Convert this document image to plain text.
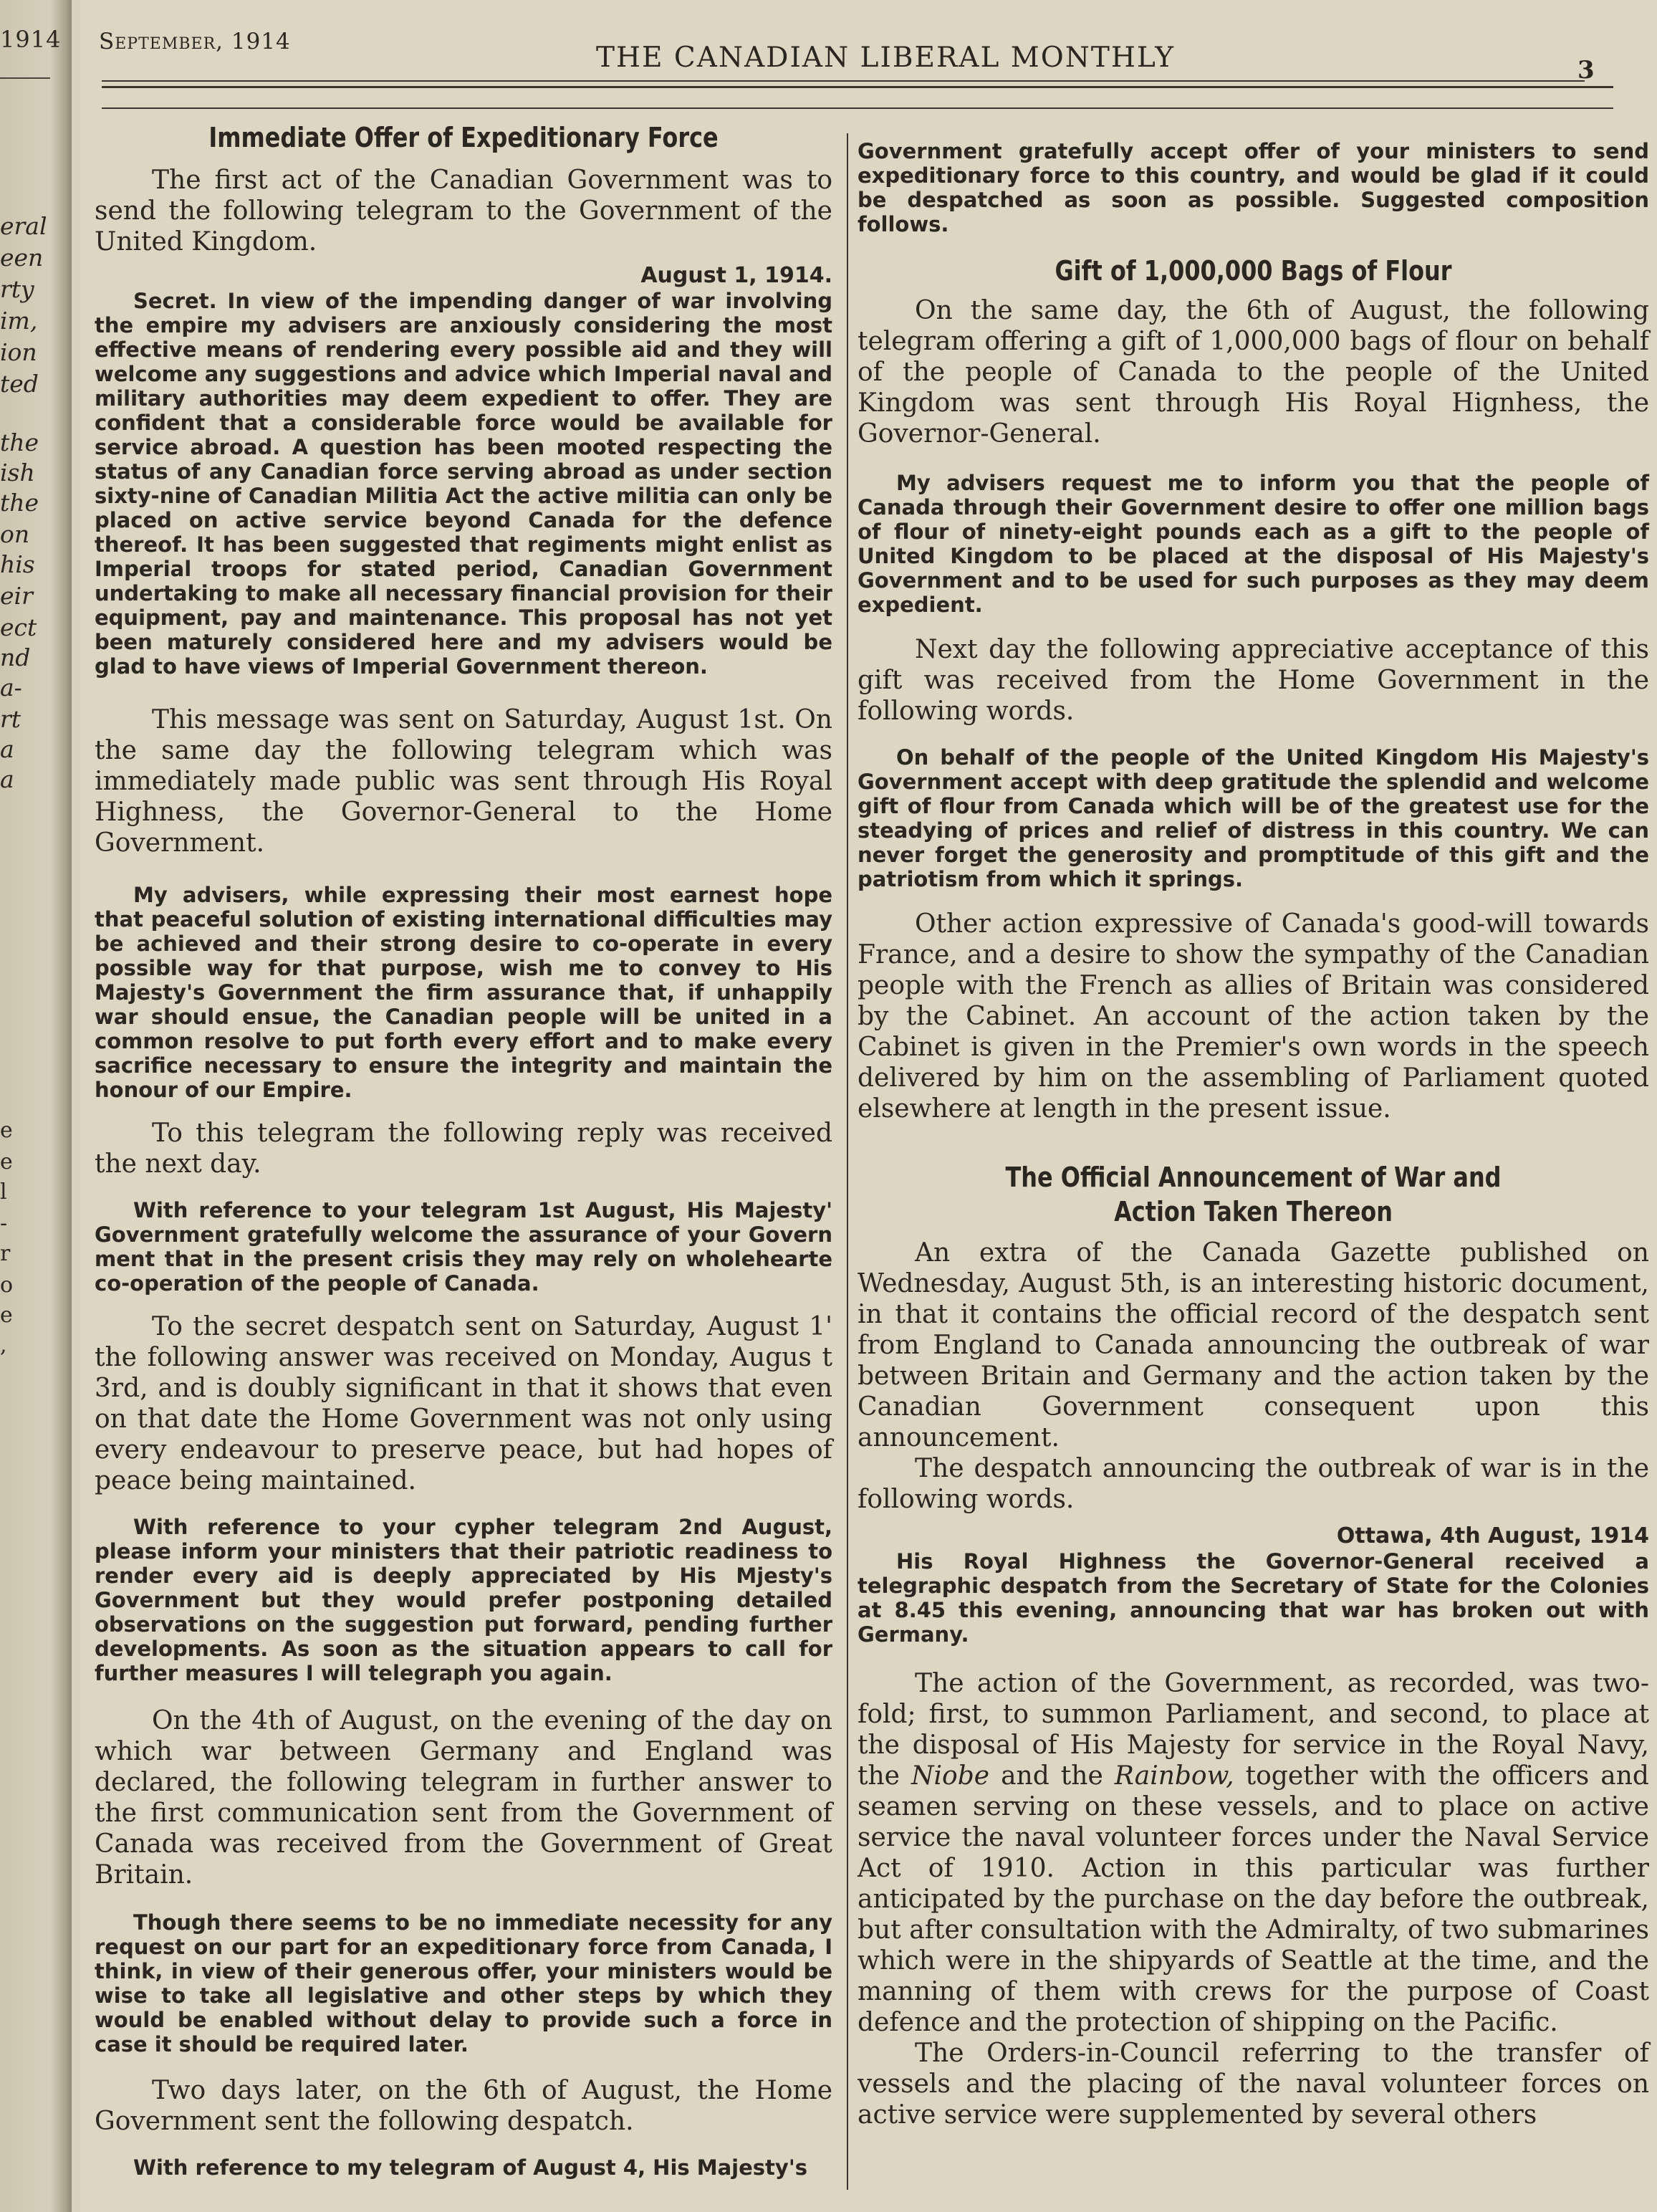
1914
eral
een
rty
im,
ion
ted
the
ish
the
on
his
eir
ect
nd
a-
rt
a
a
e
e
l
-
r
o
e
,
September, 1914	THE CANADIAN LIBERAL MONTHLY	3
Immediate Offer of Expeditionary Force

The first act of the Canadian Government was to send the following telegram to the Government of the United Kingdom.

August 1, 1914.

Secret. In view of the impending danger of war involving the empire my advisers are anxiously considering the most effective means of rendering every possible aid and they will welcome any suggestions and advice which Imperial naval and military authorities may deem expedient to offer. They are confident that a considerable force would be available for service abroad. A question has been mooted respecting the status of any Canadian force serving abroad as under section sixty-nine of Canadian Militia Act the active militia can only be placed on active service beyond Canada for the defence thereof. It has been suggested that regiments might enlist as Imperial troops for stated period, Canadian Government undertaking to make all necessary financial provision for their equipment, pay and maintenance. This proposal has not yet been maturely considered here and my advisers would be glad to have views of Imperial Government thereon.

This message was sent on Saturday, August 1st. On the same day the following telegram which was immediately made public was sent through His Royal Highness, the Governor-General to the Home Government.

My advisers, while expressing their most earnest hope that peaceful solution of existing international difficulties may be achieved and their strong desire to co-operate in every possible way for that purpose, wish me to convey to His Majesty's Government the firm assurance that, if unhappily war should ensue, the Canadian people will be united in a common resolve to put forth every effort and to make every sacrifice necessary to ensure the integrity and maintain the honour of our Empire.

To this telegram the following reply was received the next day.

With reference to your telegram 1st August, His Majesty' Government gratefully welcome the assurance of your Govern ment that in the present crisis they may rely on wholehearte co-operation of the people of Canada.

To the secret despatch sent on Saturday, August 1' the following answer was received on Monday, Augus t 3rd, and is doubly significant in that it shows that even on that date the Home Government was not only using every endeavour to preserve peace, but had hopes of peace being maintained.

With reference to your cypher telegram 2nd August, please inform your ministers that their patriotic readiness to render every aid is deeply appreciated by His Mjesty's Government but they would prefer postponing detailed observations on the suggestion put forward, pending further developments. As soon as the situation appears to call for further measures I will telegraph you again.

On the 4th of August, on the evening of the day on which war between Germany and England was declared, the following telegram in further answer to the first communication sent from the Government of Canada was received from the Government of Great Britain.

Though there seems to be no immediate necessity for any request on our part for an expeditionary force from Canada, I think, in view of their generous offer, your ministers would be wise to take all legislative and other steps by which they would be enabled without delay to provide such a force in case it should be required later.

Two days later, on the 6th of August, the Home Government sent the following despatch.

With reference to my telegram of August 4, His Majesty's

Government gratefully accept offer of your ministers to send expeditionary force to this country, and would be glad if it could be despatched as soon as possible. Suggested composition follows.

Gift of 1,000,000 Bags of Flour

On the same day, the 6th of August, the following telegram offering a gift of 1,000,000 bags of flour on behalf of the people of Canada to the people of the United Kingdom was sent through His Royal Hignhess, the Governor-General.

My advisers request me to inform you that the people of Canada through their Government desire to offer one million bags of flour of ninety-eight pounds each as a gift to the people of United Kingdom to be placed at the disposal of His Majesty's Government and to be used for such purposes as they may deem expedient.

Next day the following appreciative acceptance of this gift was received from the Home Government in the following words.

On behalf of the people of the United Kingdom His Majesty's Government accept with deep gratitude the splendid and welcome gift of flour from Canada which will be of the greatest use for the steadying of prices and relief of distress in this country. We can never forget the generosity and promptitude of this gift and the patriotism from which it springs.

Other action expressive of Canada's good-will towards France, and a desire to show the sympathy of the Canadian people with the French as allies of Britain was considered by the Cabinet. An account of the action taken by the Cabinet is given in the Premier's own words in the speech delivered by him on the assembling of Parliament quoted elsewhere at length in the present issue.

The Official Announcement of War and
Action Taken Thereon

An extra of the Canada Gazette published on Wednesday, August 5th, is an interesting historic document, in that it contains the official record of the despatch sent from England to Canada announcing the outbreak of war between Britain and Germany and the action taken by the Canadian Government consequent upon this announcement.

The despatch announcing the outbreak of war is in the following words.

Ottawa, 4th August, 1914

His Royal Highness the Governor-General received a telegraphic despatch from the Secretary of State for the Colonies at 8.45 this evening, announcing that war has broken out with Germany.

The action of the Government, as recorded, was two-fold; first, to summon Parliament, and second, to place at the disposal of His Majesty for service in the Royal Navy, the Niobe and the Rainbow, together with the officers and seamen serving on these vessels, and to place on active service the naval volunteer forces under the Naval Service Act of 1910. Action in this particular was further anticipated by the purchase on the day before the outbreak, but after consultation with the Admiralty, of two submarines which were in the shipyards of Seattle at the time, and the manning of them with crews for the purpose of Coast defence and the protection of shipping on the Pacific.

The Orders-in-Council referring to the transfer of vessels and the placing of the naval volunteer forces on active service were supplemented by several others
